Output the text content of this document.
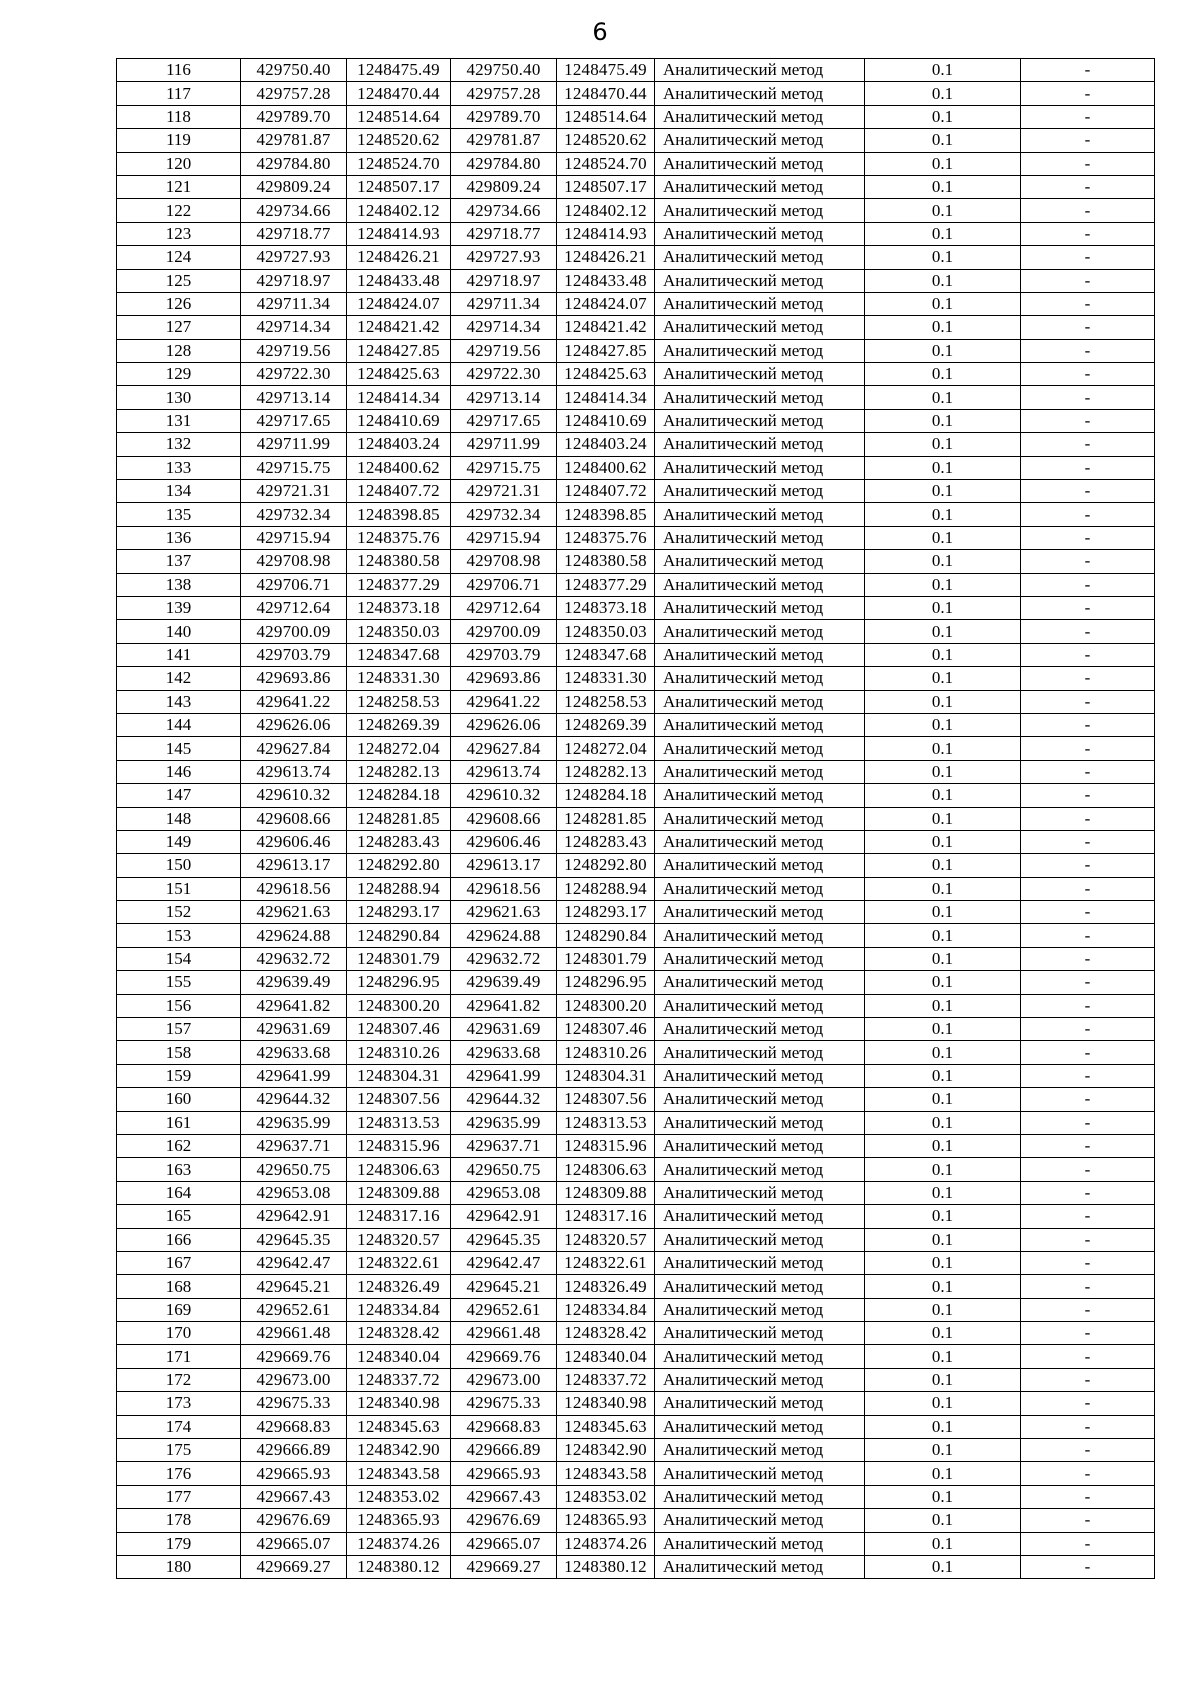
6
116	429750.40	1248475.49	429750.40	1248475.49	Аналитический метод	0.1	-
117	429757.28	1248470.44	429757.28	1248470.44	Аналитический метод	0.1	-
118	429789.70	1248514.64	429789.70	1248514.64	Аналитический метод	0.1	-
119	429781.87	1248520.62	429781.87	1248520.62	Аналитический метод	0.1	-
120	429784.80	1248524.70	429784.80	1248524.70	Аналитический метод	0.1	-
121	429809.24	1248507.17	429809.24	1248507.17	Аналитический метод	0.1	-
122	429734.66	1248402.12	429734.66	1248402.12	Аналитический метод	0.1	-
123	429718.77	1248414.93	429718.77	1248414.93	Аналитический метод	0.1	-
124	429727.93	1248426.21	429727.93	1248426.21	Аналитический метод	0.1	-
125	429718.97	1248433.48	429718.97	1248433.48	Аналитический метод	0.1	-
126	429711.34	1248424.07	429711.34	1248424.07	Аналитический метод	0.1	-
127	429714.34	1248421.42	429714.34	1248421.42	Аналитический метод	0.1	-
128	429719.56	1248427.85	429719.56	1248427.85	Аналитический метод	0.1	-
129	429722.30	1248425.63	429722.30	1248425.63	Аналитический метод	0.1	-
130	429713.14	1248414.34	429713.14	1248414.34	Аналитический метод	0.1	-
131	429717.65	1248410.69	429717.65	1248410.69	Аналитический метод	0.1	-
132	429711.99	1248403.24	429711.99	1248403.24	Аналитический метод	0.1	-
133	429715.75	1248400.62	429715.75	1248400.62	Аналитический метод	0.1	-
134	429721.31	1248407.72	429721.31	1248407.72	Аналитический метод	0.1	-
135	429732.34	1248398.85	429732.34	1248398.85	Аналитический метод	0.1	-
136	429715.94	1248375.76	429715.94	1248375.76	Аналитический метод	0.1	-
137	429708.98	1248380.58	429708.98	1248380.58	Аналитический метод	0.1	-
138	429706.71	1248377.29	429706.71	1248377.29	Аналитический метод	0.1	-
139	429712.64	1248373.18	429712.64	1248373.18	Аналитический метод	0.1	-
140	429700.09	1248350.03	429700.09	1248350.03	Аналитический метод	0.1	-
141	429703.79	1248347.68	429703.79	1248347.68	Аналитический метод	0.1	-
142	429693.86	1248331.30	429693.86	1248331.30	Аналитический метод	0.1	-
143	429641.22	1248258.53	429641.22	1248258.53	Аналитический метод	0.1	-
144	429626.06	1248269.39	429626.06	1248269.39	Аналитический метод	0.1	-
145	429627.84	1248272.04	429627.84	1248272.04	Аналитический метод	0.1	-
146	429613.74	1248282.13	429613.74	1248282.13	Аналитический метод	0.1	-
147	429610.32	1248284.18	429610.32	1248284.18	Аналитический метод	0.1	-
148	429608.66	1248281.85	429608.66	1248281.85	Аналитический метод	0.1	-
149	429606.46	1248283.43	429606.46	1248283.43	Аналитический метод	0.1	-
150	429613.17	1248292.80	429613.17	1248292.80	Аналитический метод	0.1	-
151	429618.56	1248288.94	429618.56	1248288.94	Аналитический метод	0.1	-
152	429621.63	1248293.17	429621.63	1248293.17	Аналитический метод	0.1	-
153	429624.88	1248290.84	429624.88	1248290.84	Аналитический метод	0.1	-
154	429632.72	1248301.79	429632.72	1248301.79	Аналитический метод	0.1	-
155	429639.49	1248296.95	429639.49	1248296.95	Аналитический метод	0.1	-
156	429641.82	1248300.20	429641.82	1248300.20	Аналитический метод	0.1	-
157	429631.69	1248307.46	429631.69	1248307.46	Аналитический метод	0.1	-
158	429633.68	1248310.26	429633.68	1248310.26	Аналитический метод	0.1	-
159	429641.99	1248304.31	429641.99	1248304.31	Аналитический метод	0.1	-
160	429644.32	1248307.56	429644.32	1248307.56	Аналитический метод	0.1	-
161	429635.99	1248313.53	429635.99	1248313.53	Аналитический метод	0.1	-
162	429637.71	1248315.96	429637.71	1248315.96	Аналитический метод	0.1	-
163	429650.75	1248306.63	429650.75	1248306.63	Аналитический метод	0.1	-
164	429653.08	1248309.88	429653.08	1248309.88	Аналитический метод	0.1	-
165	429642.91	1248317.16	429642.91	1248317.16	Аналитический метод	0.1	-
166	429645.35	1248320.57	429645.35	1248320.57	Аналитический метод	0.1	-
167	429642.47	1248322.61	429642.47	1248322.61	Аналитический метод	0.1	-
168	429645.21	1248326.49	429645.21	1248326.49	Аналитический метод	0.1	-
169	429652.61	1248334.84	429652.61	1248334.84	Аналитический метод	0.1	-
170	429661.48	1248328.42	429661.48	1248328.42	Аналитический метод	0.1	-
171	429669.76	1248340.04	429669.76	1248340.04	Аналитический метод	0.1	-
172	429673.00	1248337.72	429673.00	1248337.72	Аналитический метод	0.1	-
173	429675.33	1248340.98	429675.33	1248340.98	Аналитический метод	0.1	-
174	429668.83	1248345.63	429668.83	1248345.63	Аналитический метод	0.1	-
175	429666.89	1248342.90	429666.89	1248342.90	Аналитический метод	0.1	-
176	429665.93	1248343.58	429665.93	1248343.58	Аналитический метод	0.1	-
177	429667.43	1248353.02	429667.43	1248353.02	Аналитический метод	0.1	-
178	429676.69	1248365.93	429676.69	1248365.93	Аналитический метод	0.1	-
179	429665.07	1248374.26	429665.07	1248374.26	Аналитический метод	0.1	-
180	429669.27	1248380.12	429669.27	1248380.12	Аналитический метод	0.1	-
